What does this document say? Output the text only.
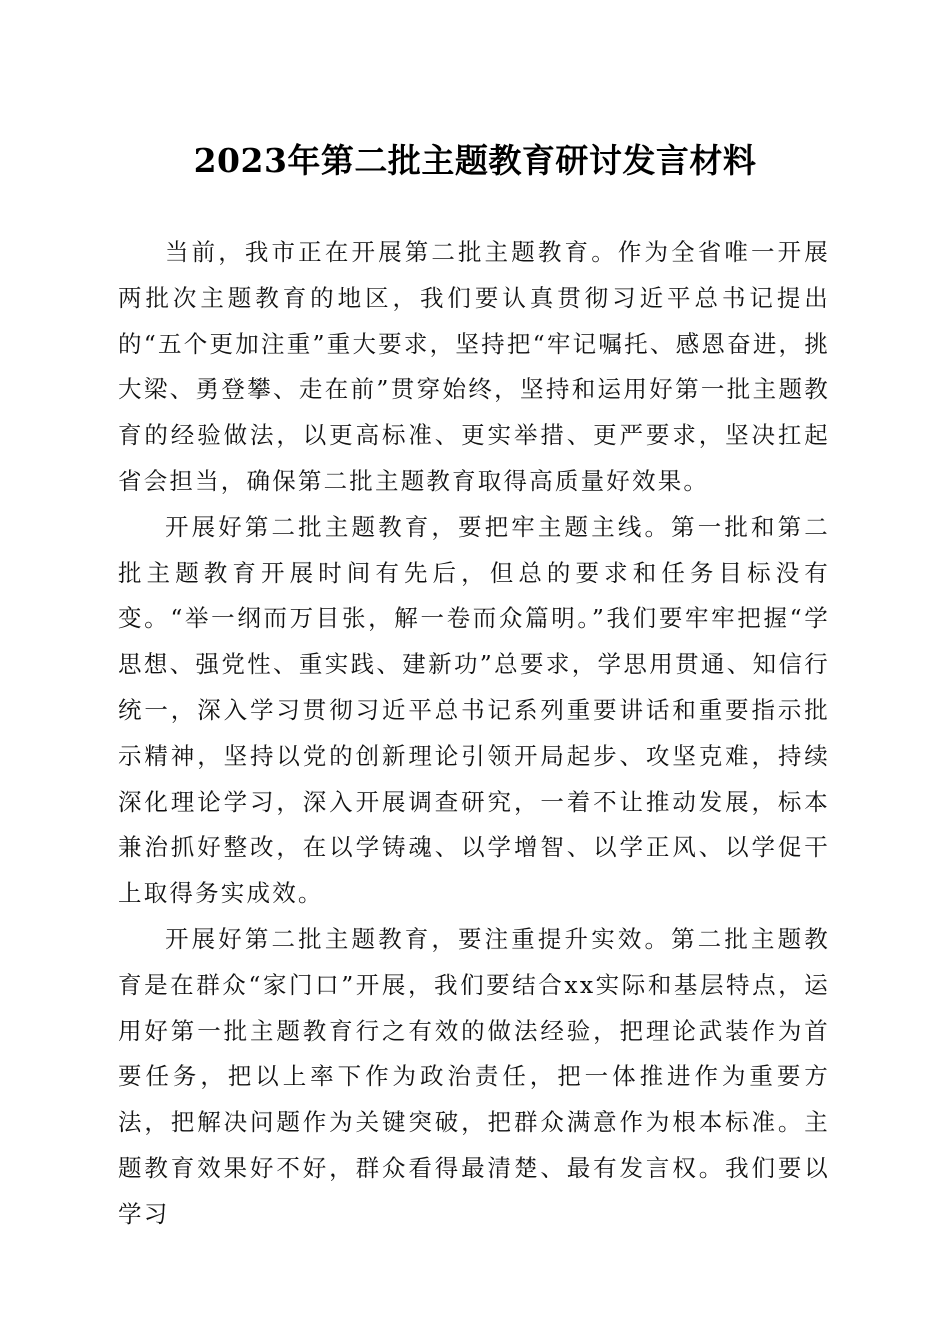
2023年第二批主题教育研讨发言材料

当前，我市正在开展第二批主题教育。作为全省唯一开展两批次主题教育的地区，我们要认真贯彻习近平总书记提出的“五个更加注重”重大要求，坚持把“牢记嘱托、感恩奋进，挑大梁、勇登攀、走在前”贯穿始终，坚持和运用好第一批主题教育的经验做法，以更高标准、更实举措、更严要求，坚决扛起省会担当，确保第二批主题教育取得高质量好效果。

开展好第二批主题教育，要把牢主题主线。第一批和第二批主题教育开展时间有先后，但总的要求和任务目标没有变。“举一纲而万目张，解一卷而众篇明。”我们要牢牢把握“学思想、强党性、重实践、建新功”总要求，学思用贯通、知信行统一，深入学习贯彻习近平总书记系列重要讲话和重要指示批示精神，坚持以党的创新理论引领开局起步、攻坚克难，持续深化理论学习，深入开展调查研究，一着不让推动发展，标本兼治抓好整改，在以学铸魂、以学增智、以学正风、以学促干上取得务实成效。

开展好第二批主题教育，要注重提升实效。第二批主题教育是在群众“家门口”开展，我们要结合xx实际和基层特点，运用好第一批主题教育行之有效的做法经验，把理论武装作为首要任务，把以上率下作为政治责任，把一体推进作为重要方法，把解决问题作为关键突破，把群众满意作为根本标准。主题教育效果好不好，群众看得最清楚、最有发言权。我们要以学习
